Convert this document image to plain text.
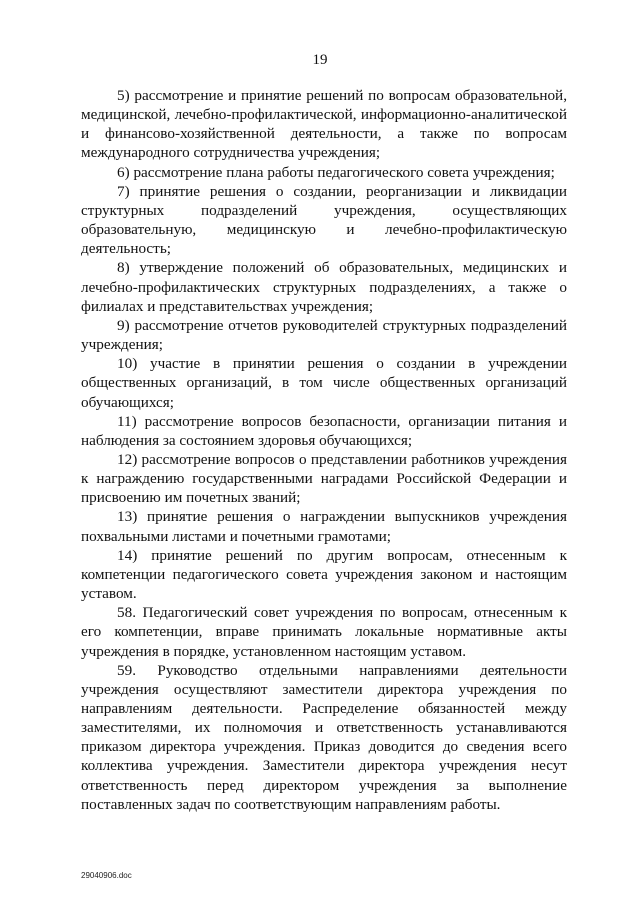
19

5) рассмотрение и принятие решений по вопросам образовательной, медицинской, лечебно-профилактической, информационно-аналитической и финансово-хозяйственной деятельности, а также по вопросам международного сотрудничества учреждения;

6) рассмотрение плана работы педагогического совета учреждения;

7) принятие решения о создании, реорганизации и ликвидации структурных подразделений учреждения, осуществляющих образовательную, медицинскую и лечебно-профилактическую деятельность;

8) утверждение положений об образовательных, медицинских и лечебно-профилактических структурных подразделениях, а также о филиалах и представительствах учреждения;

9) рассмотрение отчетов руководителей структурных подразделений учреждения;

10) участие в принятии решения о создании в учреждении общественных организаций, в том числе общественных организаций обучающихся;

11) рассмотрение вопросов безопасности, организации питания и наблюдения за состоянием здоровья обучающихся;

12) рассмотрение вопросов о представлении работников учреждения к награждению государственными наградами Российской Федерации и присвоению им почетных званий;

13) принятие решения о награждении выпускников учреждения похвальными листами и почетными грамотами;

14) принятие решений по другим вопросам, отнесенным к компетенции педагогического совета учреждения законом и настоящим уставом.

58. Педагогический совет учреждения по вопросам, отнесенным к его компетенции, вправе принимать локальные нормативные акты учреждения в порядке, установленном настоящим уставом.

59. Руководство отдельными направлениями деятельности учреждения осуществляют заместители директора учреждения по направлениям деятельности. Распределение обязанностей между заместителями, их полномочия и ответственность устанавливаются приказом директора учреждения. Приказ доводится до сведения всего коллектива учреждения. Заместители директора учреждения несут ответственность перед директором учреждения за выполнение поставленных задач по соответствующим направлениям работы.

29040906.doc
